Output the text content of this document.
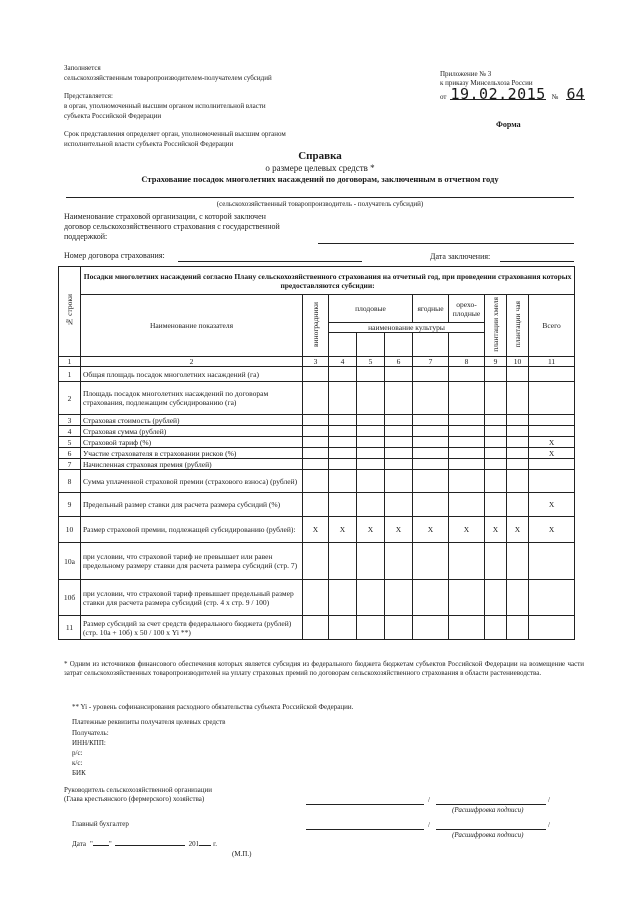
Заполняется

сельскохозяйственным товаропроизводителем-получателем субсидий

Представляется:

в орган, уполномоченный высшим органом исполнительной власти

субъекта Российской Федерации

Срок представления определяет орган, уполномоченный высшим органом

исполнительной власти субъекта Российской Федерации

Приложение № 3

к приказу Минсельхоза России

от 19.02.2015 № 64
Форма
Справка
о размере целевых средств *
Страхование посадок многолетних насаждений по договорам, заключенным в отчетном году
(сельскохозяйственный товаропроизводитель - получатель субсидий)

Наименование страховой организации, с которой заключен

договор сельскохозяйственного страхования с государственной

поддержкой:

Номер договора страхования:	Дата заключения:
№ строки	Посадки многолетних насаждений согласно Плану сельскохозяйственного страхования на отчетный год, при проведении страхования которых предоставляются субсидии:									
	Наименование показателя	виноградники	плодовые			ягодные	орехо-плодные	плантации хмеля	плантации чая	Всего
			наименование культуры							

1	2	3	4	5	6	7	8	9	10	11
1	Общая площадь посадок многолетних насаждений (га)									
2	Площадь посадок многолетних насаждений по договорам страхования, подлежащим субсидированию (га)									
3	Страховая стоимость (рублей)									
4	Страховая сумма (рублей)									
5	Страховой тариф (%)									X
6	Участие страхователя в страховании рисков (%)									X
7	Начисленная страховая премия (рублей)									
8	Сумма уплаченной страховой премии (страхового взноса) (рублей)									
9	Предельный размер ставки для расчета размера субсидий (%)									X
10	Размер страховой премии, подлежащей субсидированию (рублей):	X	X	X	X	X	X	X	X	X
10а	при условии, что страховой тариф не превышает или равен предельному размеру ставки для расчета размера субсидий (стр. 7)									
10б	при условии, что страховой тариф превышает предельный размер ставки для расчета размера субсидий (стр. 4 х стр. 9 / 100)									
11	Размер субсидий за счет средств федерального бюджета (рублей) (стр. 10а + 10б) х 50 / 100 х Yi **)									
* Одним из источников финансового обеспечения которых является субсидия из федерального бюджета бюджетам субъектов Российской Федерации на возмещение части затрат сельскохозяйственных товаропроизводителей на уплату страховых премий по договорам сельскохозяйственного страхования в области растениеводства.
** Yi - уровень софинансирования расходного обязательства субъекта Российской Федерации.

Платежные реквизиты получателя целевых средств

Получатель:

ИНН/КПП:

р/с:

к/с:

БИК

Руководитель сельскохозяйственной организации

(Глава крестьянского (фермерского) хозяйства)	/	/
(Расшифровка подписи)
Главный бухгалтер	/	/
(Расшифровка подписи)
Дата " "	201 г.
(М.П.)
